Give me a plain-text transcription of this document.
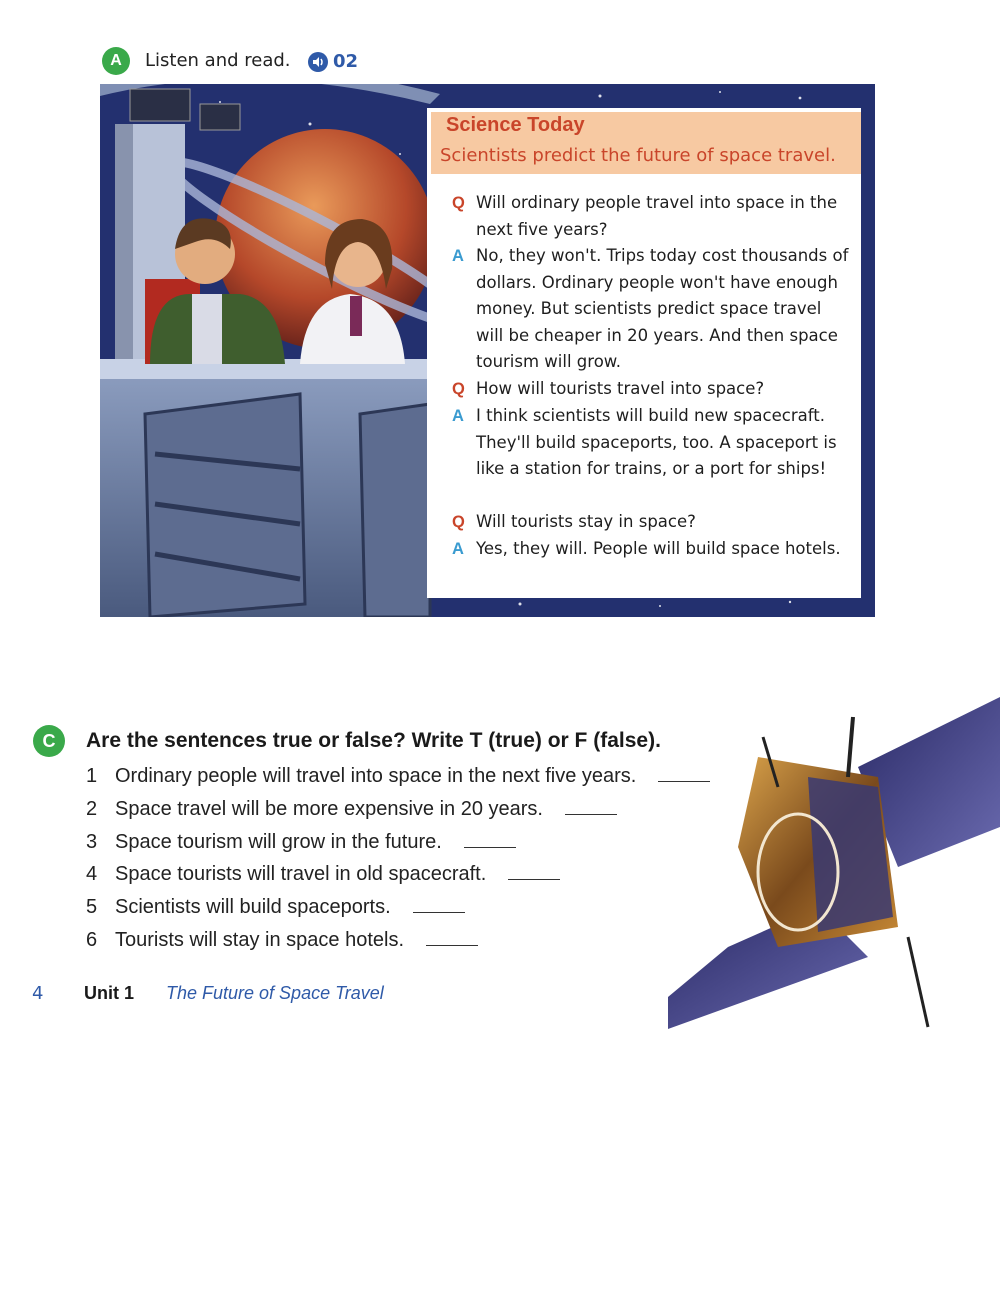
A	Listen and read. 02
Science Today
Scientists predict the future of space travel.
Q Will ordinary people travel into space in the next five years?
A No, they won't. Trips today cost thousands of dollars. Ordinary people won't have enough money. But scientists predict space travel will be cheaper in 20 years. And then space tourism will grow.
Q How will tourists travel into space?
A I think scientists will build new spacecraft. They'll build spaceports, too. A spaceport is like a station for trains, or a port for ships!
Q Will tourists stay in space?
A Yes, they will. People will build space hotels.
C	Are the sentences true or false? Write T (true) or F (false).
1 Ordinary people will travel into space in the next five years.
2 Space travel will be more expensive in 20 years.
3 Space tourism will grow in the future.
4 Space tourists will travel in old spacecraft.
5 Scientists will build spaceports.
6 Tourists will stay in space hotels.
4 Unit 1 The Future of Space Travel
